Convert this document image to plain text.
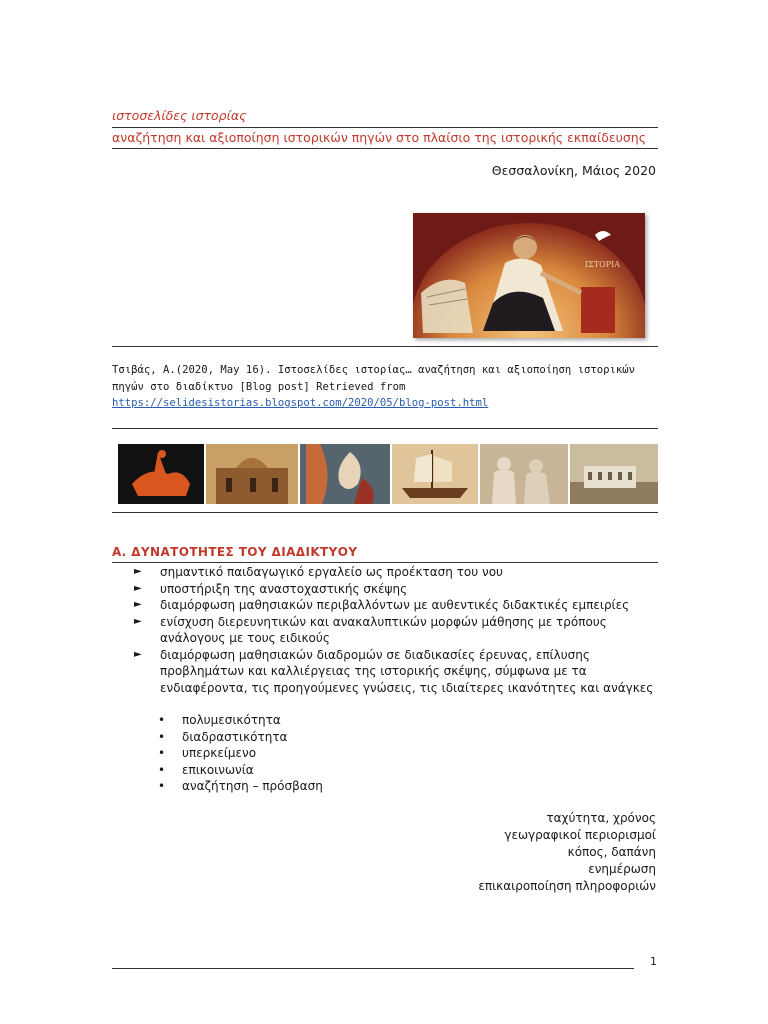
ιστοσελίδες ιστορίας
αναζήτηση και αξιοποίηση ιστορικών πηγών στο πλαίσιο της ιστορικής εκπαίδευσης
Θεσσαλονίκη, Μάιος 2020
ΙΣΤΟΡΙΑ
Τσιβάς, Α.(2020, May 16). Ιστοσελίδες ιστορίας… αναζήτηση και αξιοποίηση ιστορικών πηγών στο διαδίκτυο [Blog post] Retrieved from https://selidesistorias.blogspot.com/2020/05/blog-post.html
Α. ΔΥΝΑΤΟΤΗΤΕΣ ΤΟΥ ΔΙΑΔΙΚΤΥΟΥ
► σημαντικό παιδαγωγικό εργαλείο ως προέκταση του νου
► υποστήριξη της αναστοχαστικής σκέψης
► διαμόρφωση μαθησιακών περιβαλλόντων με αυθεντικές διδακτικές εμπειρίες
► ενίσχυση διερευνητικών και ανακαλυπτικών μορφών μάθησης με τρόπους ανάλογους με τους ειδικούς
► διαμόρφωση μαθησιακών διαδρομών σε διαδικασίες έρευνας, επίλυσης προβλημάτων και καλλιέργειας της ιστορικής σκέψης, σύμφωνα με τα ενδιαφέροντα, τις προηγούμενες γνώσεις, τις ιδιαίτερες ικανότητες και ανάγκες
• πολυμεσικότητα
• διαδραστικότητα
• υπερκείμενο
• επικοινωνία
• αναζήτηση – πρόσβαση
ταχύτητα, χρόνος
γεωγραφικοί περιορισμοί
κόπος, δαπάνη
ενημέρωση
επικαιροποίηση πληροφοριών
1
